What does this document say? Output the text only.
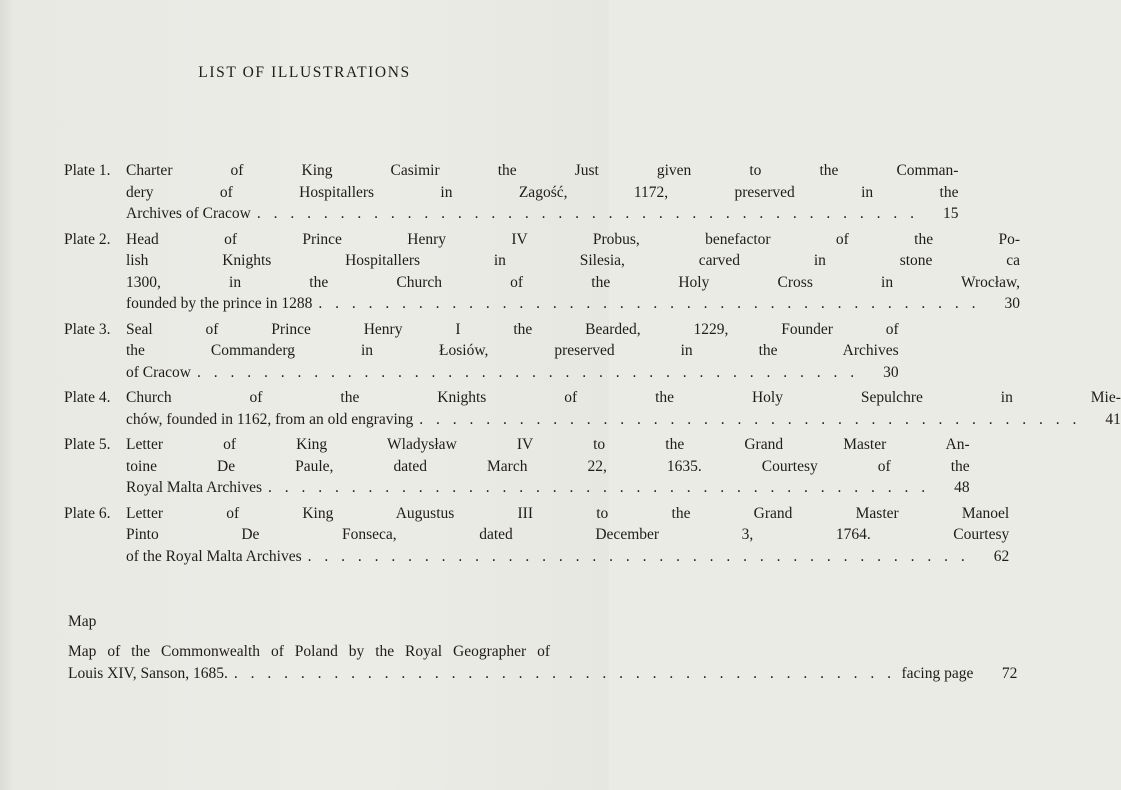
LIST OF ILLUSTRATIONS
Plate 1.	Charter of King Casimir the Just given to the Comman-
dery of Hospitallers in Zagość, 1172, preserved in the
Archives of Cracow . . . . . . . . . . . . . . . . . . . . . . . . . . . . . . . . . . . . . . . .	15
Plate 2.	Head of Prince Henry IV Probus, benefactor of the Po-
lish Knights Hospitallers in Silesia, carved in stone ca
1300, in the Church of the Holy Cross in Wrocław,
founded by the prince in 1288 . . . . . . . . . . . . . . . . . . . . . . . . . . . . . . . . . . . . . . . .	30
Plate 3.	Seal of Prince Henry I the Bearded, 1229, Founder of
the Commanderg in Łosiów, preserved in the Archives
of Cracow . . . . . . . . . . . . . . . . . . . . . . . . . . . . . . . . . . . . . . . .	30
Plate 4.	Church of the Knights of the Holy Sepulchre in Mie-
chów, founded in 1162, from an old engraving . . . . . . . . . . . . . . . . . . . . . . . . . . . . . . . . . . . . . . . .	41
Plate 5.	Letter of King Wladysław IV to the Grand Master An-
toine De Paule, dated March 22, 1635. Courtesy of the
Royal Malta Archives . . . . . . . . . . . . . . . . . . . . . . . . . . . . . . . . . . . . . . . .	48
Plate 6.	Letter of King Augustus III to the Grand Master Manoel
Pinto De Fonseca, dated December 3, 1764. Courtesy
of the Royal Malta Archives . . . . . . . . . . . . . . . . . . . . . . . . . . . . . . . . . . . . . . . .	62
Map
Map of the Commonwealth of Poland by the Royal Geographer of
Louis XIV, Sanson, 1685. . . . . . . . . . . . . . . . . . . . . . . . . . . . . . . . . . . . . . . . . facing page	72
